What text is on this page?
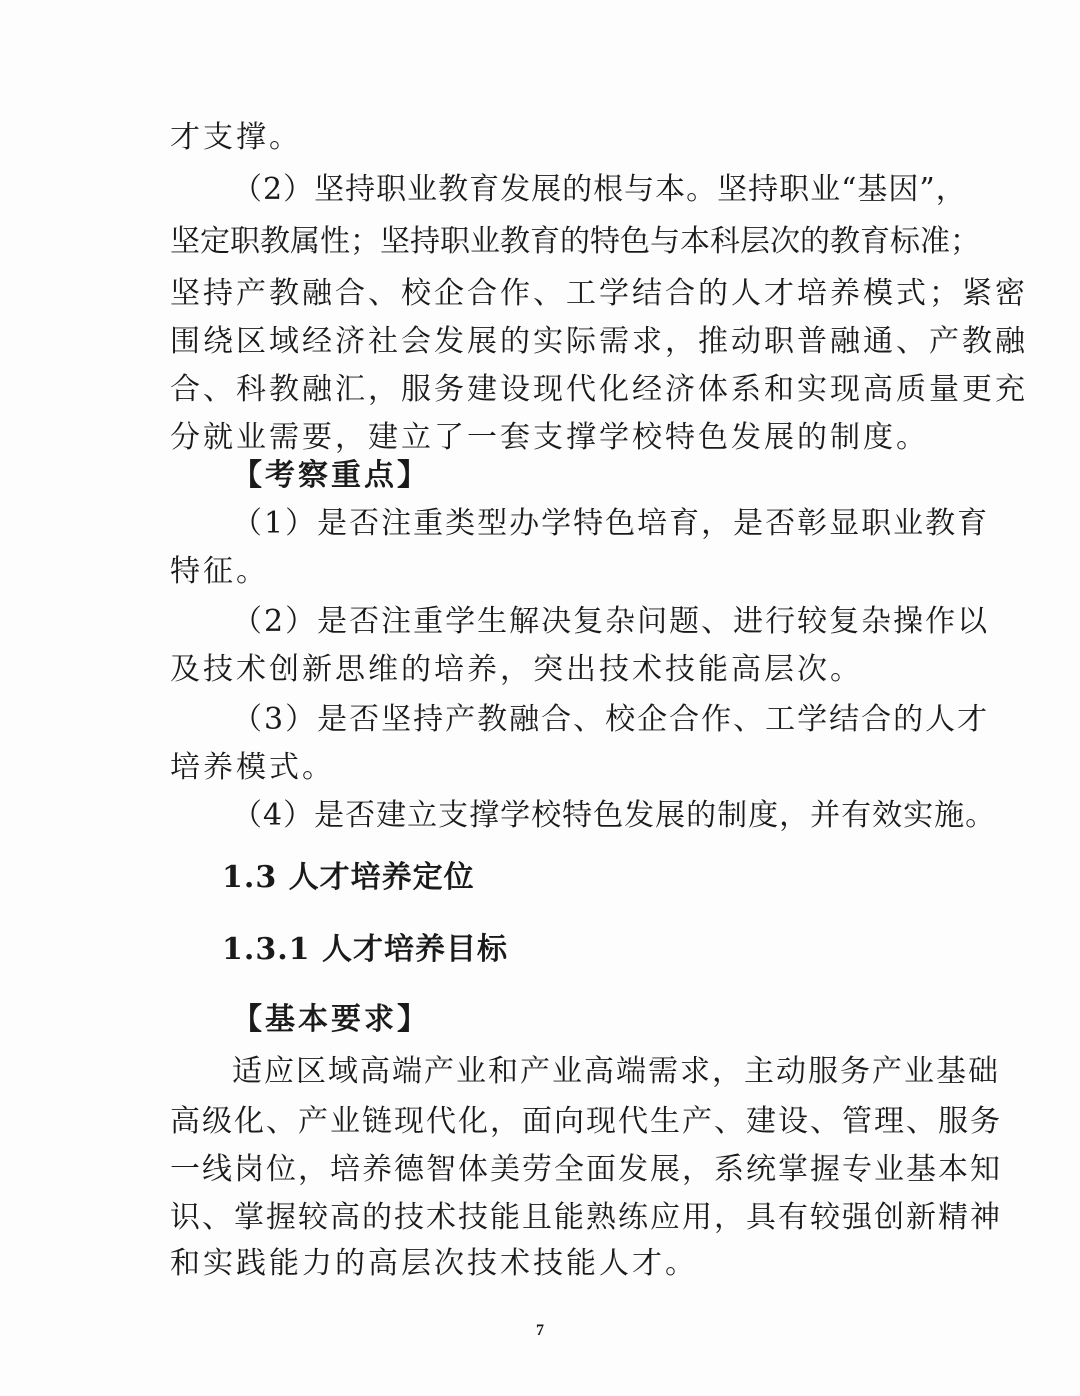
才支撑。
（2）坚持职业教育发展的根与本。坚持职业“基因”，
坚定职教属性；坚持职业教育的特色与本科层次的教育标准；
坚持产教融合、校企合作、工学结合的人才培养模式；紧密
围绕区域经济社会发展的实际需求，推动职普融通、产教融
合、科教融汇，服务建设现代化经济体系和实现高质量更充
分就业需要，建立了一套支撑学校特色发展的制度。
【考察重点】
（1）是否注重类型办学特色培育，是否彰显职业教育
特征。
（2）是否注重学生解决复杂问题、进行较复杂操作以
及技术创新思维的培养，突出技术技能高层次。
（3）是否坚持产教融合、校企合作、工学结合的人才
培养模式。
（4）是否建立支撑学校特色发展的制度，并有效实施。
1.3 人才培养定位
1.3.1 人才培养目标
【基本要求】
适应区域高端产业和产业高端需求，主动服务产业基础
高级化、产业链现代化，面向现代生产、建设、管理、服务
一线岗位，培养德智体美劳全面发展，系统掌握专业基本知
识、掌握较高的技术技能且能熟练应用，具有较强创新精神
和实践能力的高层次技术技能人才。
7
